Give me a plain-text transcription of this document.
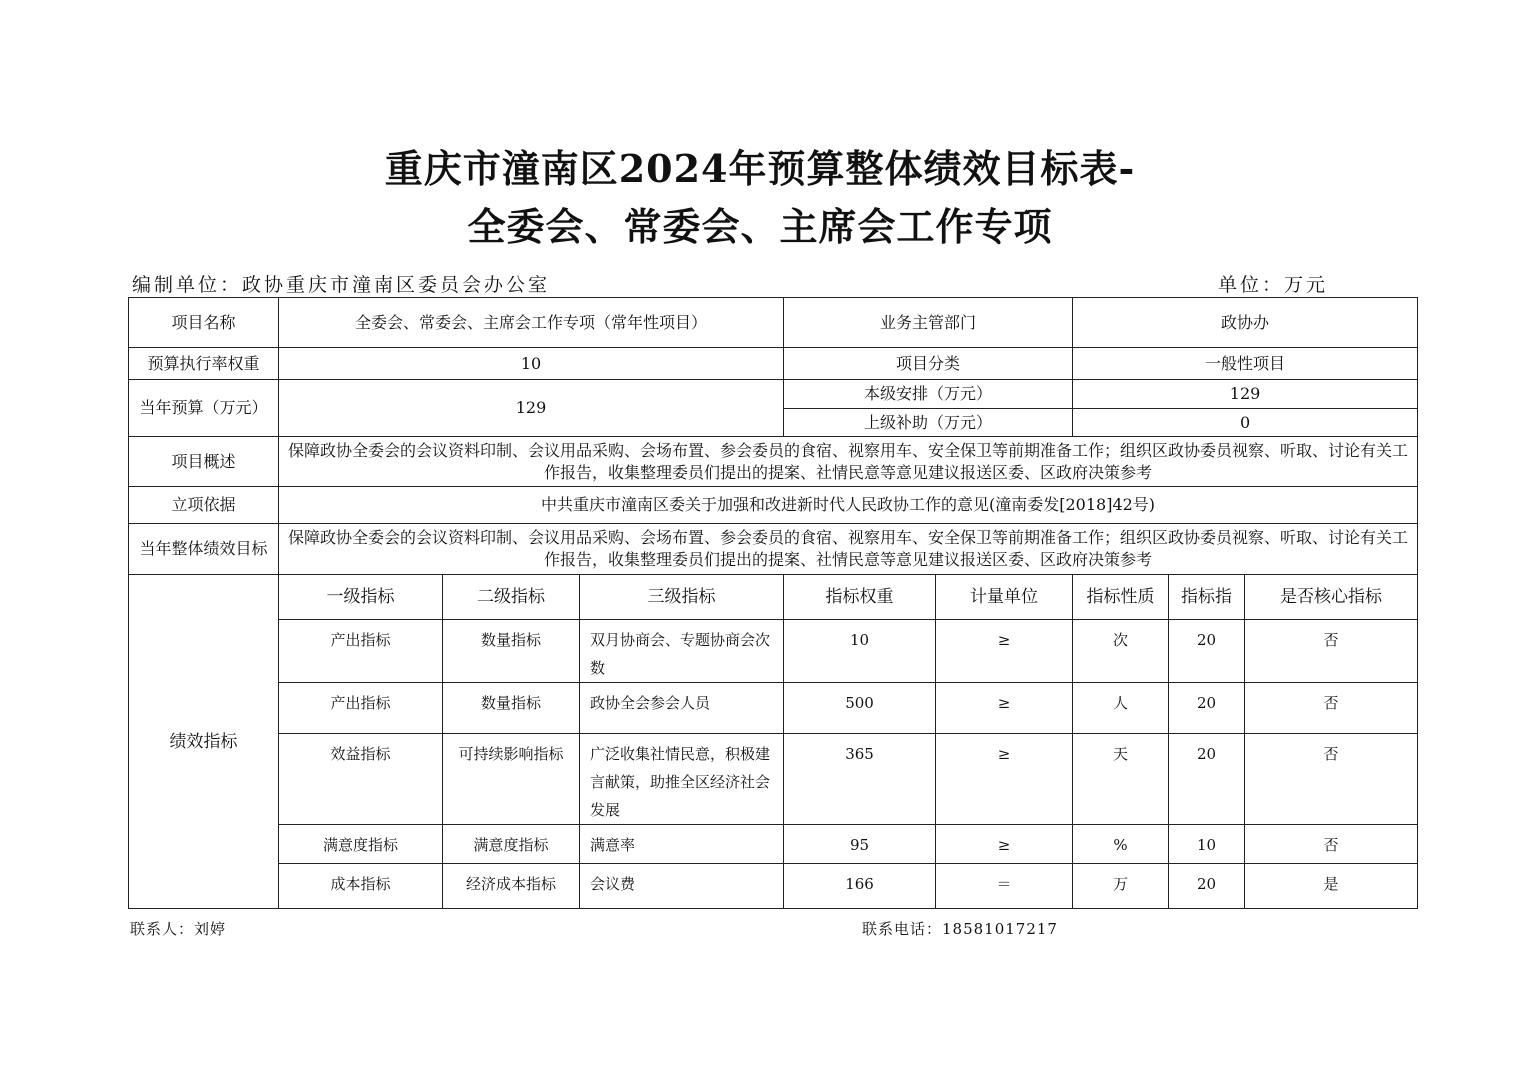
重庆市潼南区2024年预算整体绩效目标表-
全委会、常委会、主席会工作专项
编制单位：政协重庆市潼南区委员会办公室	单位：万元
项目名称	全委会、常委会、主席会工作专项（常年性项目）			业务主管部门		政协办		
预算执行率权重	10			项目分类		一般性项目		
当年预算（万元）	129			本级安排（万元）		129		
				上级补助（万元）		0		
项目概述	保障政协全委会的会议资料印制、会议用品采购、会场布置、参会委员的食宿、视察用车、安全保卫等前期准备工作；组织区政协委员视察、听取、讨论有关工作报告，收集整理委员们提出的提案、社情民意等意见建议报送区委、区政府决策参考							
立项依据	中共重庆市潼南区委关于加强和改进新时代人民政协工作的意见(潼南委发[2018]42号)							
当年整体绩效目标	保障政协全委会的会议资料印制、会议用品采购、会场布置、参会委员的食宿、视察用车、安全保卫等前期准备工作；组织区政协委员视察、听取、讨论有关工作报告，收集整理委员们提出的提案、社情民意等意见建议报送区委、区政府决策参考							
绩效指标	一级指标	二级指标	三级指标	指标权重	计量单位	指标性质	指标指	是否核心指标
	产出指标	数量指标	双月协商会、专题协商会次数	10	≥	次	20	否
	产出指标	数量指标	政协全会参会人员	500	≥	人	20	否
	效益指标	可持续影响指标	广泛收集社情民意，积极建言献策，助推全区经济社会发展	365	≥	天	20	否
	满意度指标	满意度指标	满意率	95	≥	%	10	否
	成本指标	经济成本指标	会议费	166	＝	万	20	是
联系人：刘婷	联系电话：18581017217
